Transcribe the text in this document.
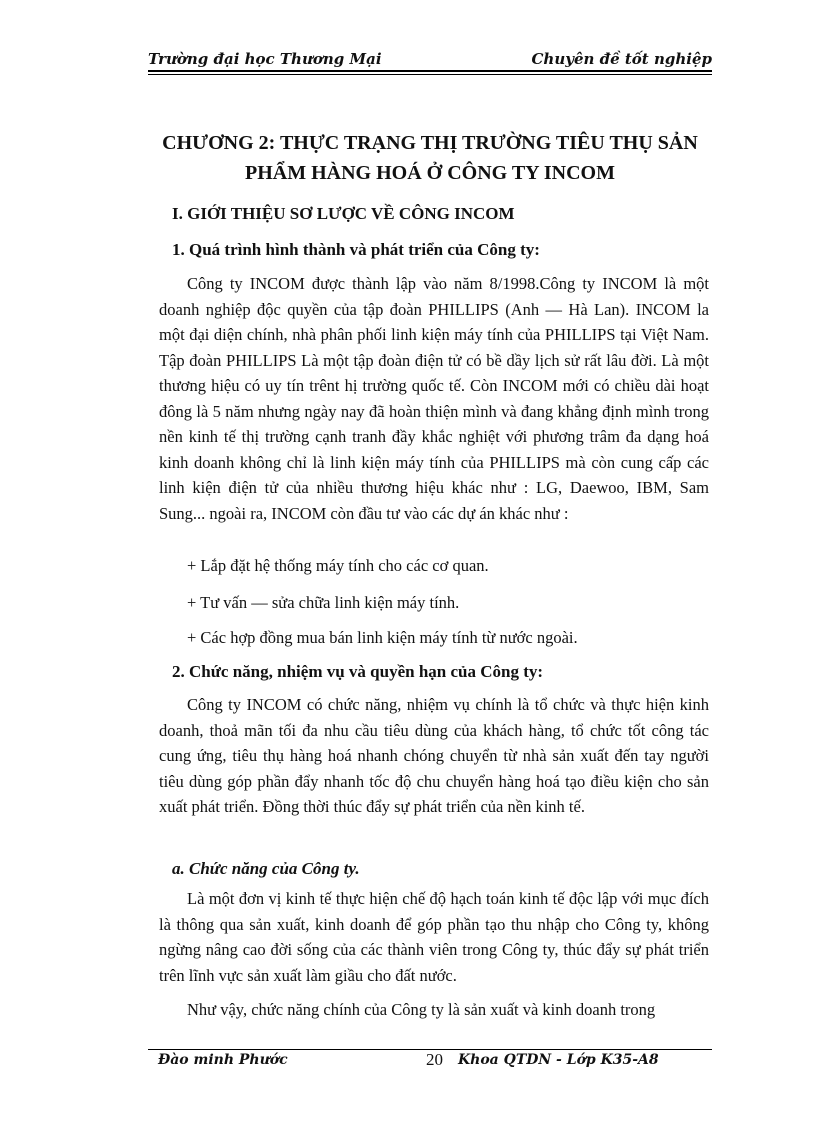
Trường đại học Thương Mại	Chuyên đề tốt nghiệp
CHƯƠNG 2: THỰC TRẠNG THỊ TRƯỜNG TIÊU THỤ SẢN
PHẨM HÀNG HOÁ Ở CÔNG TY INCOM
I. GIỚI THIỆU SƠ LƯỢC VỀ CÔNG INCOM
1. Quá trình hình thành và phát triển của Công ty:
Công ty INCOM được thành lập vào năm 8/1998.Công ty INCOM là một doanh nghiệp độc quyền của tập đoàn PHILLIPS (Anh — Hà Lan). INCOM la một đại diện chính, nhà phân phối linh kiện máy tính của PHILLIPS tại Việt Nam. Tập đoàn PHILLIPS Là một tập đoàn điện tử có bề dầy lịch sử rất lâu đời. Là một thương hiệu có uy tín trênt hị trường quốc tế. Còn INCOM mới có chiều dài hoạt đông là 5 năm nhưng ngày nay đã hoàn thiện mình và đang khẳng định mình trong nền kinh tế thị trường cạnh tranh đầy khắc nghiệt với phương trâm đa dạng hoá kinh doanh không chỉ là linh kiện máy tính của PHILLIPS mà còn cung cấp các linh kiện điện tử của nhiều thương hiệu khác như : LG, Daewoo, IBM, Sam Sung... ngoài ra, INCOM còn đầu tư vào các dự án khác như :
+ Lắp đặt hệ thống máy tính cho các cơ quan.
+ Tư vấn — sửa chữa linh kiện máy tính.
+ Các hợp đồng mua bán linh kiện máy tính từ nước ngoài.
2. Chức năng, nhiệm vụ và quyền hạn của Công ty:
Công ty INCOM có chức năng, nhiệm vụ chính là tổ chức và thực hiện kinh doanh, thoả mãn tối đa nhu cầu tiêu dùng của khách hàng, tổ chức tốt công tác cung ứng, tiêu thụ hàng hoá nhanh chóng chuyển từ nhà sản xuất đến tay người tiêu dùng góp phần đẩy nhanh tốc độ chu chuyển hàng hoá tạo điều kiện cho sản xuất phát triển. Đồng thời thúc đẩy sự phát triển của nền kinh tế.
a. Chức năng của Công ty.
Là một đơn vị kinh tế thực hiện chế độ hạch toán kinh tế độc lập với mục đích là thông qua sản xuất, kinh doanh để góp phần tạo thu nhập cho Công ty, không ngừng nâng cao đời sống của các thành viên trong Công ty, thúc đẩy sự phát triển trên lĩnh vực sản xuất làm giầu cho đất nước.
Như vậy, chức năng chính của Công ty là sản xuất và kinh doanh trong
Đào minh Phước	20 Khoa QTDN - Lớp K35-A8
